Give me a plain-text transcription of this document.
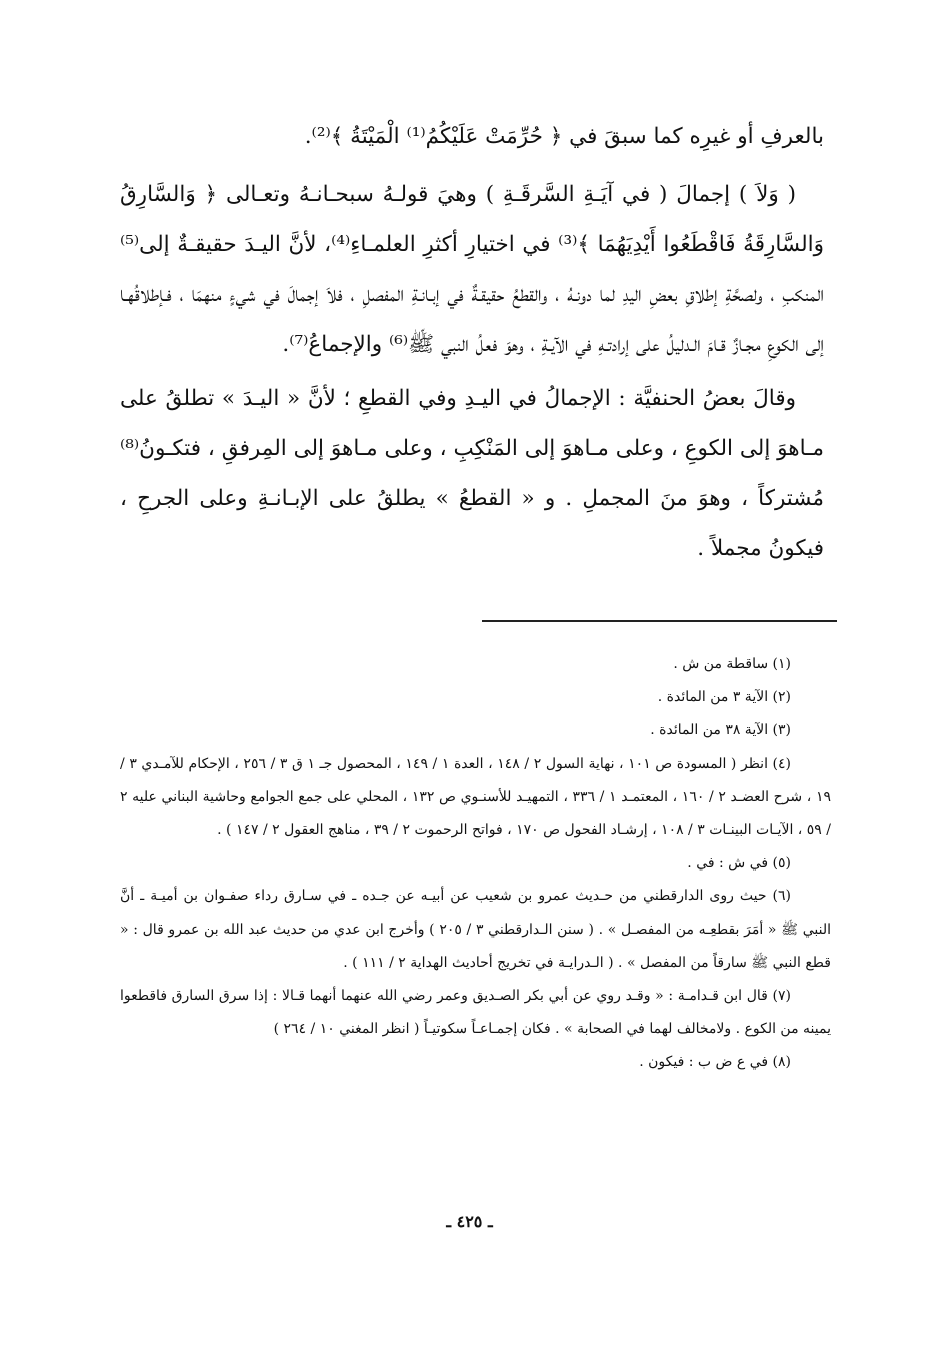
بالعرفِ أو غيرِه كما سبقَ في ﴿ حُرِّمَتْ عَلَيْكُمُ⁽¹⁾ الْمَيْتَةُ ﴾⁽²⁾.

( وَلاَ ) إجمالَ ( في آيَـةِ السَّرقَـةِ ) وهيَ قولـهُ سبحـانـهُ وتعـالى ﴿ وَالسَّارِقُ وَالسَّارِقَةُ فَاقْطَعُوا أَيْدِيَهُمَا ﴾⁽³⁾ في اختيارِ أكثرِ العلمـاءِ⁽⁴⁾، لأنَّ اليـدَ حقيقـةٌ إلى⁽⁵⁾ المنكبِ ، ولصحَّةِ إطلاقِ بعضِ اليدِ لما دونـهُ ، والقطعُ حقيقـةٌ في إبـانـةِ المفصلِ ، فلاَ إجمالَ في شيءٍ منهمَا ، فـإطلاقُهـا إلى الكوعِ مجـازٌ قـامَ الـدليلُ على إرادتـهِ في الآيـةِ ، وهوَ فعلُ النبي ﷺ⁽⁶⁾ والإجماعُ⁽⁷⁾.

وقالَ بعضُ الحنفيَّة : الإجمالُ في اليـدِ وفي القطعِ ؛ لأنَّ « اليـدَ » تطلقُ على مـاهوَ إلى الكوعِ ، وعلى مـاهوَ إلى المَنْكِبِ ، وعلى مـاهوَ إلى المِرفقِ ، فتكـونُ⁽⁸⁾ مُشتركاً ، وهوَ منَ المجملِ . و « القطعُ » يطلقُ على الإبـانـةِ وعلى الجرحِ ، فيكونُ مجملاً .

(١) ساقطة من ش .

(٢) الآية ٣ من المائدة .

(٣) الآية ٣٨ من المائدة .

(٤) انظر ( المسودة ص ١٠١ ، نهاية السول ٢ / ١٤٨ ، العدة ١ / ١٤٩ ، المحصول جـ ١ ق ٣ / ٢٥٦ ، الإحكام للآمـدي ٣ / ١٩ ، شرح العضـد ٢ / ١٦٠ ، المعتمـد ١ / ٣٣٦ ، التمهيـد للأسنـوي ص ١٣٢ ، المحلي على جمع الجوامع وحاشية البناني عليه ٢ / ٥٩ ، الآيـات البينـات ٣ / ١٠٨ ، إرشـاد الفحول ص ١٧٠ ، فواتح الرحموت ٢ / ٣٩ ، مناهج العقول ٢ / ١٤٧ ) .

(٥) في ش : في .

(٦) حيث روى الدارقطني من حـديث عمرو بن شعيب عن أبيـه عن جـده ـ في سـارق رداء صفـوان بن أميـة ـ أنَّ النبي ﷺ « أمَرَ بقطعِـه من المفصـل » . ( سنن الـدارقطني ٣ / ٢٠٥ ) وأخرج ابن عدي من حديث عبد الله بن عمرو قال : « قطع النبي ﷺ سارقاً من المفصل » . ( الـدرايـة في تخريج أحاديث الهداية ٢ / ١١١ ) .

(٧) قال ابن قـدامـة : « وقـد روي عن أبي بكر الصـديق وعمر رضي الله عنهما أنهما قـالا : إذا سرق السارق فاقطعوا يمينه من الكوع . ولامخالف لهما في الصحابة » . فكان إجمـاعـاً سكوتيـاً ( انظر المغني ١٠ / ٢٦٤ )

(٨) في ع ض ب : فيكون .

ـ ٤٢٥ ـ
